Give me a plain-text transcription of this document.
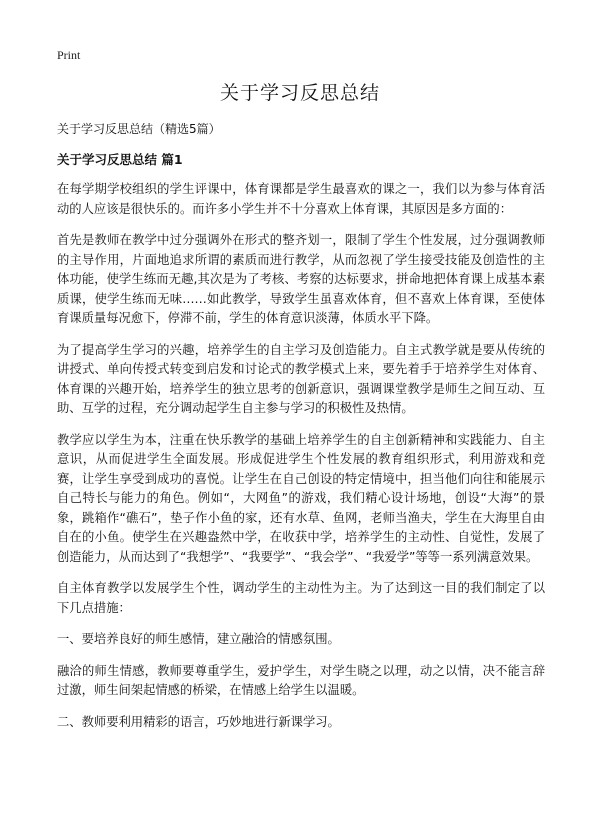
Print
关于学习反思总结

关于学习反思总结（精选5篇）

关于学习反思总结 篇1

在每学期学校组织的学生评课中，体育课都是学生最喜欢的课之一，我们以为参与体育活动的人应该是很快乐的。而许多小学生并不十分喜欢上体育课，其原因是多方面的：

首先是教师在教学中过分强调外在形式的整齐划一，限制了学生个性发展，过分强调教师的主导作用，片面地追求所谓的素质而进行教学，从而忽视了学生接受技能及创造性的主体功能，使学生练而无趣,其次是为了考核、考察的达标要求，拼命地把体育课上成基本素质课，使学生练而无味……如此教学，导致学生虽喜欢体育，但不喜欢上体育课，至使体育课质量每况愈下，停滞不前，学生的体育意识淡薄，体质水平下降。

为了提高学生学习的兴趣，培养学生的自主学习及创造能力。自主式教学就是要从传统的讲授式、单向传授式转变到启发和讨论式的教学模式上来，要先着手于培养学生对体育、体育课的兴趣开始，培养学生的独立思考的创新意识，强调课堂教学是师生之间互动、互助、互学的过程，充分调动起学生自主参与学习的积极性及热情。

教学应以学生为本，注重在快乐教学的基础上培养学生的自主创新精神和实践能力、自主意识，从而促进学生全面发展。形成促进学生个性发展的教育组织形式，利用游戏和竞赛，让学生享受到成功的喜悦。让学生在自己创设的特定情境中，担当他们向往和能展示自己特长与能力的角色。例如“，大网鱼”的游戏，我们精心设计场地，创设“大海”的景象，跳箱作“礁石”，垫子作小鱼的家，还有水草、鱼网，老师当渔夫，学生在大海里自由自在的小鱼。使学生在兴趣盎然中学，在收获中学，培养学生的主动性、自觉性，发展了创造能力，从而达到了“我想学”、“我要学”、“我会学”、“我爱学”等等一系列满意效果。

自主体育教学以发展学生个性，调动学生的主动性为主。为了达到这一目的我们制定了以下几点措施：

一、要培养良好的师生感情，建立融洽的情感氛围。

融洽的师生情感，教师要尊重学生，爱护学生，对学生晓之以理，动之以情，决不能言辞过激，师生间架起情感的桥梁，在情感上给学生以温暖。

二、教师要利用精彩的语言，巧妙地进行新课学习。
